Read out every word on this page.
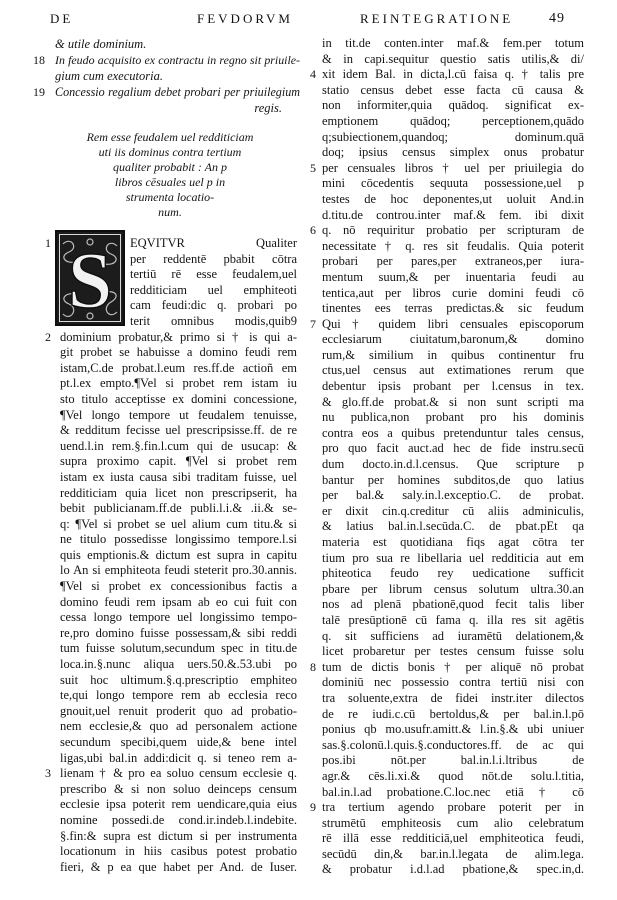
DE	FEVDORVM	REINTEGRATIONE	49
& utile dominium.
18 In feudo acquisito ex contractu in regno sit priuile-
gium cum executoria.
19 Concessio regalium debet probari per priuilegium
regis.
Rem esse feudalem uel redditiciam
uti iis dominus contra tertium
qualiter probabit : An p
libros cēsuales uel p in
strumenta locatio-
num.
S
1	EQVITVR Qualiter
per reddentē pbabit cōtra
tertiū rē esse feudalem,uel
redditiciam uel emphiteoti
cam feudi:dic q. probari po
terit omnibus modis,quib9
2 dominium probatur,& primo si † is qui a-
git probet se habuisse a domino feudi rem
istam,C.de probat.l.eum res.ff.de actioñ em
pt.l.ex empto.¶Vel si probet rem istam iu
sto titulo acceptisse ex domini concessione,
¶Vel longo tempore ut feudalem tenuisse,
& redditum fecisse uel prescripsisse.ff. de re
uend.l.in rem.§.fin.l.cum qui de usucap: &
supra proximo capit. ¶Vel si probet rem
istam ex iusta causa sibi traditam fuisse, uel
redditiciam quia licet non prescripserit, ha
bebit publicianam.ff.de publi.l.i.& .ii.& se-
q: ¶Vel si probet se uel alium cum titu.& si
ne titulo possedisse longissimo tempore.l.si
quis emptionis.& dictum est supra in capitu
lo An si emphiteota feudi steterit pro.30.annis.
¶Vel si probet ex concessionibus factis a
domino feudi rem ipsam ab eo cui fuit con
cessa longo tempore uel longissimo tempo-
re,pro domino fuisse possessam,& sibi reddi
tum fuisse solutum,secundum spec in titu.de
loca.in.§.nunc aliqua uers.50.&.53.ubi po
suit hoc ultimum.§.q.prescriptio emphiteo
te,qui longo tempore rem ab ecclesia reco
gnouit,uel renuit proderit quo ad probatio-
nem ecclesie,& quo ad personalem actione
secundum specibi,quem uide,& bene intel
ligas,ubi bal.in addi:dicit q. si teneo rem a-
3 lienam † & pro ea soluo censum ecclesie q.
prescribo & si non soluo deinceps censum
ecclesie ipsa poterit rem uendicare,quia eius
nomine possedi.de cond.ir.indeb.l.indebite.
§.fin:& supra est dictum si per instrumenta
locationum in hiis casibus potest probatio
fieri, & p ea que habet per And. de Iuser.
in tit.de conten.inter maf.& fem.per totum
& in capi.sequitur questio satis utilis,& di/
4 xit idem Bal. in dicta,l.cū faisa q. † talis pre
statio census debet esse facta cū causa &
non informiter,quia quādoq. significat ex-
emptionem quādoq; perceptionem,quādo
q;subiectionem,quandoq; dominum.quā
doq; ipsius census simplex onus probatur
5 per censuales libros † uel per priuilegia do
mini cōcedentis sequuta possessione,uel p
testes de hoc deponentes,ut uoluit And.in
d.titu.de controu.inter maf.& fem. ibi dixit
6 q. nō requiritur probatio per scripturam de
necessitate † q. res sit feudalis. Quia poterit
probari per pares,per extraneos,per iura-
mentum suum,& per inuentaria feudi au
tentica,aut per libros curie domini feudi cō
tinentes ees terras predictas.& sic feudum
7 Qui † quidem libri censuales episcoporum
ecclesiarum ciuitatum,baronum,& domino
rum,& similium in quibus continentur fru
ctus,uel census aut extimationes rerum que
debentur ipsis probant per l.census in tex.
& glo.ff.de probat.& si non sunt scripti ma
nu publica,non probant pro his dominis
contra eos a quibus pretenduntur tales census,
pro quo facit auct.ad hec de fide instru.secū
dum docto.in.d.l.census. Que scripture p
bantur per homines subditos,de quo latius
per bal.& saly.in.l.exceptio.C. de probat.
er dixit cin.q.creditur cū aliis adminiculis,
& latius bal.in.l.secūda.C. de pbat.pEt qa
materia est quotidiana fiqs agat cōtra ter
tium pro sua re libellaria uel redditicia aut em
phiteotica feudo rey uedicatione sufficit
pbare per librum census solutum ultra.30.an
nos ad plenā pbationē,quod fecit talis liber
talē presūptionē cū fama q. illa res sit agētis
q. sit sufficiens ad iuramētū delationem,&
licet probaretur per testes censum fuisse solu
8 tum de dictis bonis † per aliquē nō probat
dominiū nec possessio contra tertiū nisi con
tra soluente,extra de fidei instr.iter dilectos
de re iudi.c.cū bertoldus,& per bal.in.l.pō
ponius qb mo.usufr.amitt.& l.in.§.& ubi uniuer
sas.§.colonū.l.quis.§.conductores.ff. de ac qui
pos.ibi nōt.per bal.in.l.i.ltribus de
agr.& cēs.li.xi.& quod nōt.de solu.l.titia,
bal.in.l.ad probatione.C.loc.nec etiā † cō
9 tra tertium agendo probare poterit per in
strumētū emphiteosis cum alio celebratum
rē illā esse redditiciā,uel emphiteotica feudi,
secūdū din,& bar.in.l.legata de alim.lega.
& probatur i.d.l.ad pbatione,& spec.in,d.
